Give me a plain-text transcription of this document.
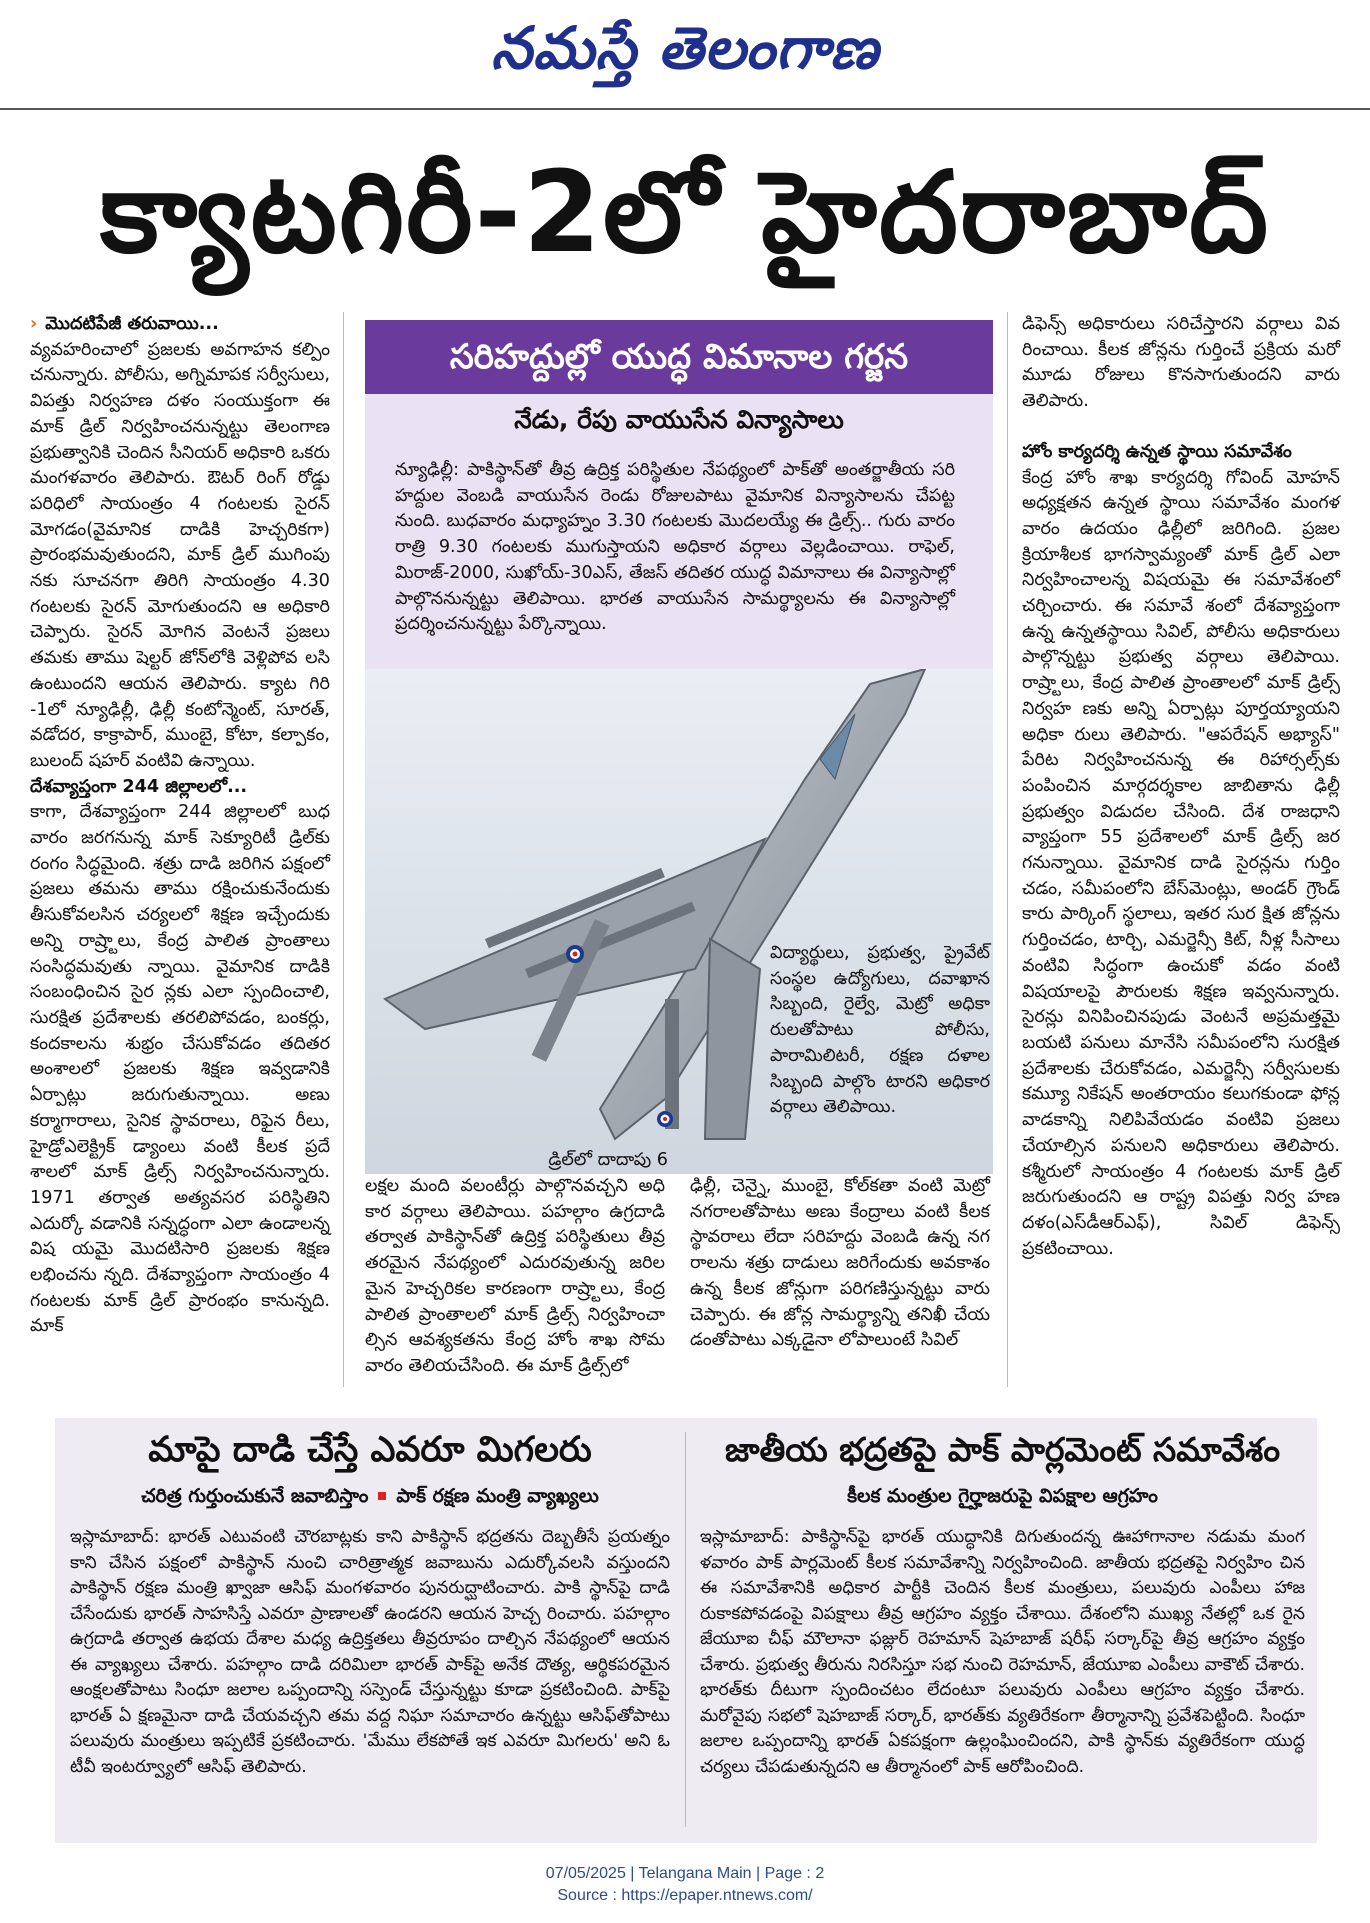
నమస్తే తెలంగాణ
క్యాటగిరీ-2లో హైదరాబాద్

› మొదటిపేజీ తరువాయి...

వ్యవహరించాలో ప్రజలకు అవగాహన కల్పిం చనున్నారు. పోలీసు, అగ్నిమాపక సర్వీసులు, విపత్తు నిర్వహణ దళం సంయుక్తంగా ఈ మాక్ డ్రిల్ నిర్వహించనున్నట్టు తెలంగాణ ప్రభుత్వానికి చెందిన సీనియర్ అధికారి ఒకరు మంగళవారం తెలిపారు. ఔటర్ రింగ్ రోడ్డు పరిధిలో సాయంత్రం 4 గంటలకు సైరన్ మోగడం(వైమానిక దాడికి హెచ్చరికగా) ప్రారంభమవుతుందని, మాక్ డ్రిల్ ముగింపు నకు సూచనగా తిరిగి సాయంత్రం 4.30 గంటలకు సైరన్ మోగుతుందని ఆ అధికారి చెప్పారు. సైరన్ మోగిన వెంటనే ప్రజలు తమకు తాము షెల్టర్ జోన్‌లోకి వెళ్లిపోవ లసి ఉంటుందని ఆయన తెలిపారు. క్యాట గిరి -1లో న్యూఢిల్లీ, ఢిల్లీ కంటోన్మెంట్, సూరత్, వడోదర, కాక్రాపార్, ముంబై, కోటా, కల్పాకం, బులంద్ షహర్ వంటివి ఉన్నాయి.

దేశవ్యాప్తంగా 244 జిల్లాలలో...

కాగా, దేశవ్యాప్తంగా 244 జిల్లాలలో బుధ వారం జరగనున్న మాక్ సెక్యూరిటీ డ్రిల్‌కు రంగం సిద్ధమైంది. శత్రు దాడి జరిగిన పక్షంలో ప్రజలు తమను తాము రక్షించుకునేందుకు తీసుకోవలసిన చర్యలలో శిక్షణ ఇచ్చేందుకు అన్ని రాష్ర్టాలు, కేంద్ర పాలిత ప్రాంతాలు సంసిద్ధమవుతు న్నాయి. వైమానిక దాడికి సంబంధించిన సైర న్లకు ఎలా స్పందించాలి, సురక్షిత ప్రదేశాలకు తరలిపోవడం, బంకర్లు, కందకాలను శుభ్రం చేసుకోవడం తదితర అంశాలలో ప్రజలకు శిక్షణ ఇవ్వడానికి ఏర్పాట్లు జరుగుతున్నాయి. అణు కర్మాగారాలు, సైనిక స్థావరాలు, రిఫైన రీలు, హైడ్రోఎలెక్ట్రిక్ డ్యాంలు వంటి కీలక ప్రదే శాలలో మాక్ డ్రిల్స్ నిర్వహించనున్నారు. 1971 తర్వాత అత్యవసర పరిస్థితిని ఎదుర్కో వడానికి సన్నద్ధంగా ఎలా ఉండాలన్న విష యమై మొదటిసారి ప్రజలకు శిక్షణ లభించను న్నది. దేశవ్యాప్తంగా సాయంత్రం 4 గంటలకు మాక్ డ్రిల్ ప్రారంభం కానున్నది. మాక్

సరిహద్దుల్లో యుద్ధ విమానాల గర్జన
నేడు, రేపు వాయుసేన విన్యాసాలు
న్యూఢిల్లీ: పాకిస్థాన్‌తో తీవ్ర ఉద్రిక్త పరిస్థితుల నేపథ్యంలో పాక్‌తో అంతర్జాతీయ సరి హద్దుల వెంబడి వాయుసేన రెండు రోజులపాటు వైమానిక విన్యాసాలను చేపట్ట నుంది. బుధవారం మధ్యాహ్నం 3.30 గంటలకు మొదలయ్యే ఈ డ్రిల్స్.. గురు వారం రాత్రి 9.30 గంటలకు ముగుస్తాయని అధికార వర్గాలు వెల్లడించాయి. రాఫెల్, మిరాజ్-2000, సుఖోయ్-30ఎస్, తేజస్ తదితర యుద్ధ విమానాలు ఈ విన్యాసాల్లో పాల్గొననున్నట్టు తెలిపాయి. భారత వాయుసేన సామర్థ్యాలను ఈ విన్యాసాల్లో ప్రదర్శించనున్నట్టు పేర్కొన్నాయి.
విద్యార్థులు, ప్రభుత్వ, ప్రైవేట్ సంస్థల ఉద్యోగులు, దవాఖాన సిబ్బంది, రైల్వే, మెట్రో అధికా రులతోపాటు పోలీసు, పారామిలిటరీ, రక్షణ దళాల సిబ్బంది పాల్గొం టారని అధికార వర్గాలు తెలిపాయి.
డ్రిల్‌లో దాదాపు 6
లక్షల మంది వలంటీర్లు పాల్గొనవచ్చని అధి కార వర్గాలు తెలిపాయి. పహల్గాం ఉగ్రదాడి తర్వాత పాకిస్థాన్‌తో ఉద్రిక్త పరిస్థితులు తీవ్ర తరమైన నేపథ్యంలో ఎదురవుతున్న జరిల మైన హెచ్చరికల కారణంగా రాష్ర్టాలు, కేంద్ర పాలిత ప్రాంతాలలో మాక్ డ్రిల్స్ నిర్వహించా ల్సిన ఆవశ్యకతను కేంద్ర హోం శాఖ సోమ వారం తెలియచేసింది. ఈ మాక్ డ్రిల్స్‌లో
ఢిల్లీ, చెన్నై, ముంబై, కోల్‌కతా వంటి మెట్రో నగరాలతోపాటు అణు కేంద్రాలు వంటి కీలక స్థావరాలు లేదా సరిహద్దు వెంబడి ఉన్న నగ రాలను శత్రు దాడులు జరిగేందుకు అవకాశం ఉన్న కీలక జోన్లుగా పరిగణిస్తున్నట్టు వారు చెప్పారు. ఈ జోన్ల సామర్థ్యాన్ని తనిఖీ చేయ డంతోపాటు ఎక్కడైనా లోపాలుంటే సివిల్

డిఫెన్స్ అధికారులు సరిచేస్తారని వర్గాలు వివ రించాయి. కీలక జోన్లను గుర్తించే ప్రక్రియ మరో మూడు రోజులు కొనసాగుతుందని వారు తెలిపారు.

హోం కార్యదర్శి ఉన్నత స్థాయి సమావేశం

కేంద్ర హోం శాఖ కార్యదర్శి గోవింద్ మోహన్ అధ్యక్షతన ఉన్నత స్థాయి సమావేశం మంగళ వారం ఉదయం ఢిల్లీలో జరిగింది. ప్రజల క్రియాశీలక భాగస్వామ్యంతో మాక్ డ్రిల్ ఎలా నిర్వహించాలన్న విషయమై ఈ సమావేశంలో చర్చించారు. ఈ సమావే శంలో దేశవ్యాప్తంగా ఉన్న ఉన్నతస్థాయి సివిల్, పోలీసు అధికారులు పాల్గొన్నట్టు ప్రభుత్వ వర్గాలు తెలిపాయి. రాష్ర్టాలు, కేంద్ర పాలిత ప్రాంతాలలో మాక్ డ్రిల్స్ నిర్వహ ణకు అన్ని ఏర్పాట్లు పూర్తయ్యాయని అధికా రులు తెలిపారు. "ఆపరేషన్ అభ్యాస్" పేరిట నిర్వహించనున్న ఈ రిహార్సల్స్‌కు పంపించిన మార్గదర్శకాల జాబితాను ఢిల్లీ ప్రభుత్వం విడుదల చేసింది. దేశ రాజధాని వ్యాప్తంగా 55 ప్రదేశాలలో మాక్ డ్రిల్స్ జర గనున్నాయి. వైమానిక దాడి సైరన్లను గుర్తిం చడం, సమీపంలోని బేస్‌మెంట్లు, అండర్ గ్రౌండ్ కారు పార్కింగ్ స్థలాలు, ఇతర సుర క్షిత జోన్లను గుర్తించడం, టార్చి, ఎమర్జెన్సీ కిట్, నీళ్ల సీసాలు వంటివి సిద్ధంగా ఉంచుకో వడం వంటి విషయాలపై పౌరులకు శిక్షణ ఇవ్వనున్నారు. సైరన్లు వినిపించినపుడు వెంటనే అప్రమత్తమై బయటి పనులు మానేసి సమీపంలోని సురక్షిత ప్రదేశాలకు చేరుకోవడం, ఎమర్జెన్సీ సర్వీసులకు కమ్యూ నికేషన్ అంతరాయం కలుగకుండా ఫోన్ల వాడకాన్ని నిలిపివేయడం వంటివి ప్రజలు చేయాల్సిన పనులని అధికారులు తెలిపారు. కశ్మీరులో సాయంత్రం 4 గంటలకు మాక్ డ్రిల్ జరుగుతుందని ఆ రాష్ట్ర విపత్తు నిర్వ హణ దళం(ఎస్‌డీఆర్‌ఎఫ్), సివిల్ డిఫెన్స్ ప్రకటించాయి.

మాపై దాడి చేస్తే ఎవరూ మిగలరు
చరిత్ర గుర్తుంచుకునే జవాబిస్తాం పాక్ రక్షణ మంత్రి వ్యాఖ్యలు
ఇస్లామాబాద్: భారత్ ఎటువంటి చౌరబాట్లకు కాని పాకిస్థాన్ భద్రతను దెబ్బతీసే ప్రయత్నం కాని చేసిన పక్షంలో పాకిస్థాన్ నుంచి చారిత్రాత్మక జవాబును ఎదుర్కోవలసి వస్తుందని పాకిస్థాన్ రక్షణ మంత్రి ఖ్వాజా ఆసిఫ్ మంగళవారం పునరుద్ఘాటించారు. పాకి స్థాన్‌పై దాడి చేసేందుకు భారత్ సాహసిస్తే ఎవరూ ప్రాణాలతో ఉండరని ఆయన హెచ్చ రించారు. పహల్గాం ఉగ్రదాడి తర్వాత ఉభయ దేశాల మధ్య ఉద్రిక్తతలు తీవ్రరూపం దాల్చిన నేపథ్యంలో ఆయన ఈ వ్యాఖ్యలు చేశారు. పహల్గాం దాడి దరిమిలా భారత్ పాక్‌పై అనేక దౌత్య, ఆర్థికపరమైన ఆంక్షలతోపాటు సింధూ జలాల ఒప్పందాన్ని సస్పెండ్ చేస్తున్నట్టు కూడా ప్రకటించింది. పాక్‌పై భారత్ ఏ క్షణమైనా దాడి చేయవచ్చని తమ వద్ద నిఘా సమాచారం ఉన్నట్టు ఆసిఫ్‌తోపాటు పలువురు మంత్రులు ఇప్పటికే ప్రకటించారు. 'మేము లేకపోతే ఇక ఎవరూ మిగలరు' అని ఓ టీవీ ఇంటర్వ్యూలో ఆసిఫ్ తెలిపారు.
జాతీయ భద్రతపై పాక్ పార్లమెంట్ సమావేశం
కీలక మంత్రుల గైర్హాజరుపై విపక్షాల ఆగ్రహం
ఇస్లామాబాద్: పాకిస్థాన్‌పై భారత్ యుద్ధానికి దిగుతుందన్న ఊహాగానాల నడుమ మంగ ళవారం పాక్ పార్లమెంట్ కీలక సమావేశాన్ని నిర్వహించింది. జాతీయ భద్రతపై నిర్వహిం చిన ఈ సమావేశానికి అధికార పార్టీకి చెందిన కీలక మంత్రులు, పలువురు ఎంపీలు హాజ రుకాకపోవడంపై విపక్షాలు తీవ్ర ఆగ్రహం వ్యక్తం చేశాయి. దేశంలోని ముఖ్య నేతల్లో ఒక రైన జేయూఐ చీఫ్ మౌలానా ఫజ్లుర్ రెహమాన్ షెహబాజ్ షరీఫ్ సర్కార్‌పై తీవ్ర ఆగ్రహం వ్యక్తం చేశారు. ప్రభుత్వ తీరును నిరసిస్తూ సభ నుంచి రెహమాన్, జేయూఐ ఎంపీలు వాకౌట్ చేశారు. భారత్‌కు దీటుగా స్పందించటం లేదంటూ పలువురు ఎంపీలు ఆగ్రహం వ్యక్తం చేశారు. మరోవైపు సభలో షెహబాజ్ సర్కార్, భారత్‌కు వ్యతిరేకంగా తీర్మానాన్ని ప్రవేశపెట్టింది. సింధూ జలాల ఒప్పందాన్ని భారత్ ఏకపక్షంగా ఉల్లంఘించిందని, పాకి స్థాన్‌కు వ్యతిరేకంగా యుద్ధ చర్యలు చేపడుతున్నదని ఆ తీర్మానంలో పాక్ ఆరోపించింది.
07/05/2025 | Telangana Main | Page : 2
Source : https://epaper.ntnews.com/
